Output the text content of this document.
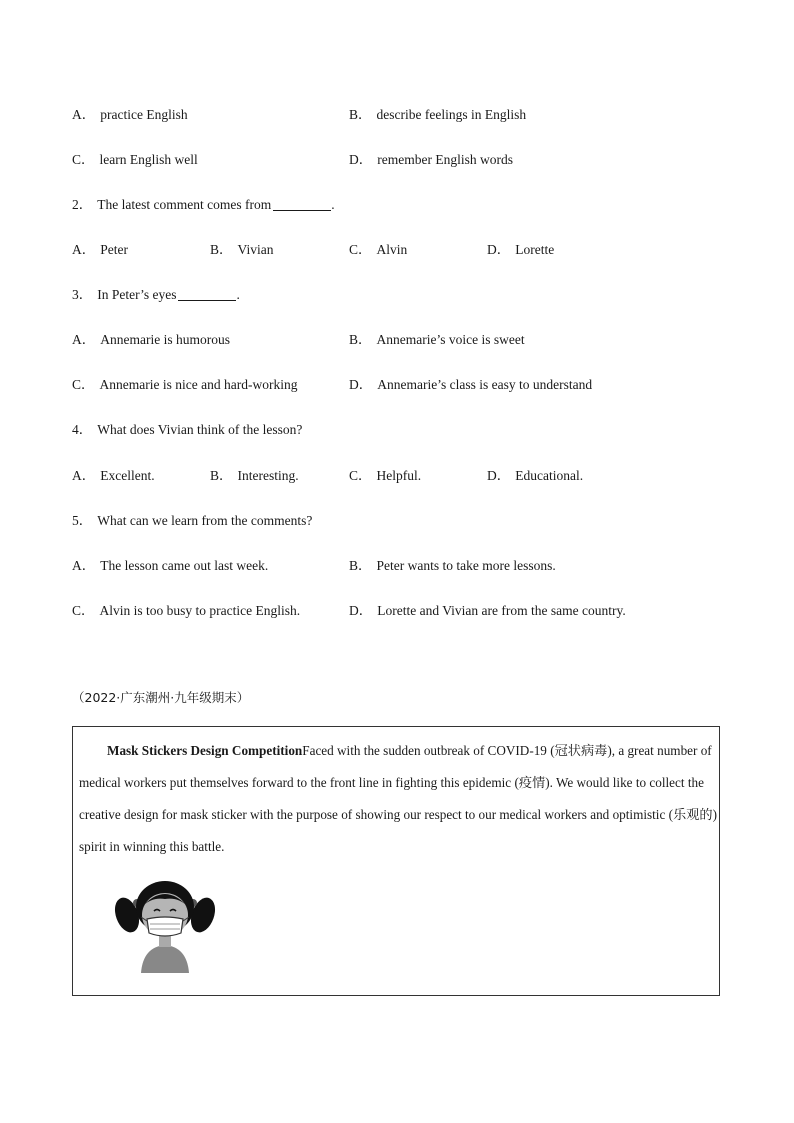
A． practice English	B． describe feelings in English
C． learn English well	D． remember English words
2． The latest comment comes from	.
A． Peter	B． Vivian	C． Alvin	D． Lorette
3． In Peter’s eyes	.
A． Annemarie is humorous	B． Annemarie’s voice is sweet
C． Annemarie is nice and hard-working	D． Annemarie’s class is easy to understand
4． What does Vivian think of the lesson?
A． Excellent.	B． Interesting.	C． Helpful.	D． Educational.
5． What can we learn from the comments?
A． The lesson came out last week.	B． Peter wants to take more lessons.
C． Alvin is too busy to practice English.	D． Lorette and Vivian are from the same country.
（2022·广东潮州·九年级期末）
Mask Stickers Design CompetitionFaced with the sudden outbreak of COVID-19 (冠状病毒), a great number of medical workers put themselves forward to the front line in fighting this epidemic (疫情). We would like to collect the creative design for mask sticker with the purpose of showing our respect to our medical workers and optimistic (乐观的) spirit in winning this battle.
